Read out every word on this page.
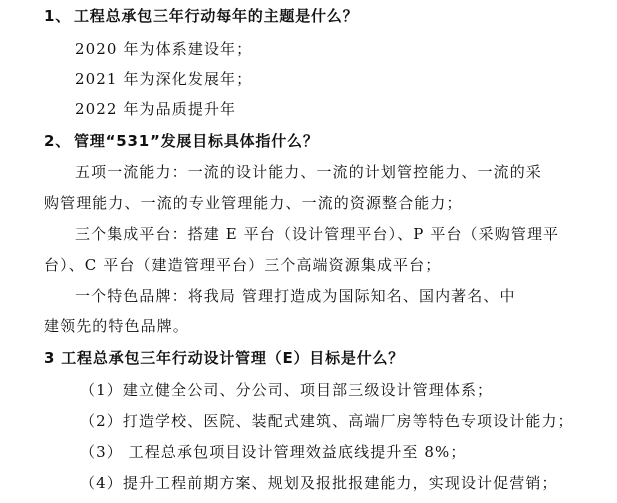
1、 工程总承包三年行动每年的主题是什么？
2020 年为体系建设年；
2021 年为深化发展年；
2022 年为品质提升年
2、 管理“531”发展目标具体指什么？
五项一流能力：一流的设计能力、一流的计划管控能力、一流的采
购管理能力、一流的专业管理能力、一流的资源整合能力；
三个集成平台：搭建 E 平台（设计管理平台）、P 平台（采购管理平
台）、C 平台（建造管理平台）三个高端资源集成平台；
一个特色品牌：将我局 管理打造成为国际知名、国内著名、中
建领先的特色品牌。
3 工程总承包三年行动设计管理（E）目标是什么？
（1）建立健全公司、分公司、项目部三级设计管理体系；
（2）打造学校、医院、装配式建筑、高端厂房等特色专项设计能力；
（3） 工程总承包项目设计管理效益底线提升至 8%；
（4）提升工程前期方案、规划及报批报建能力，实现设计促营销；
